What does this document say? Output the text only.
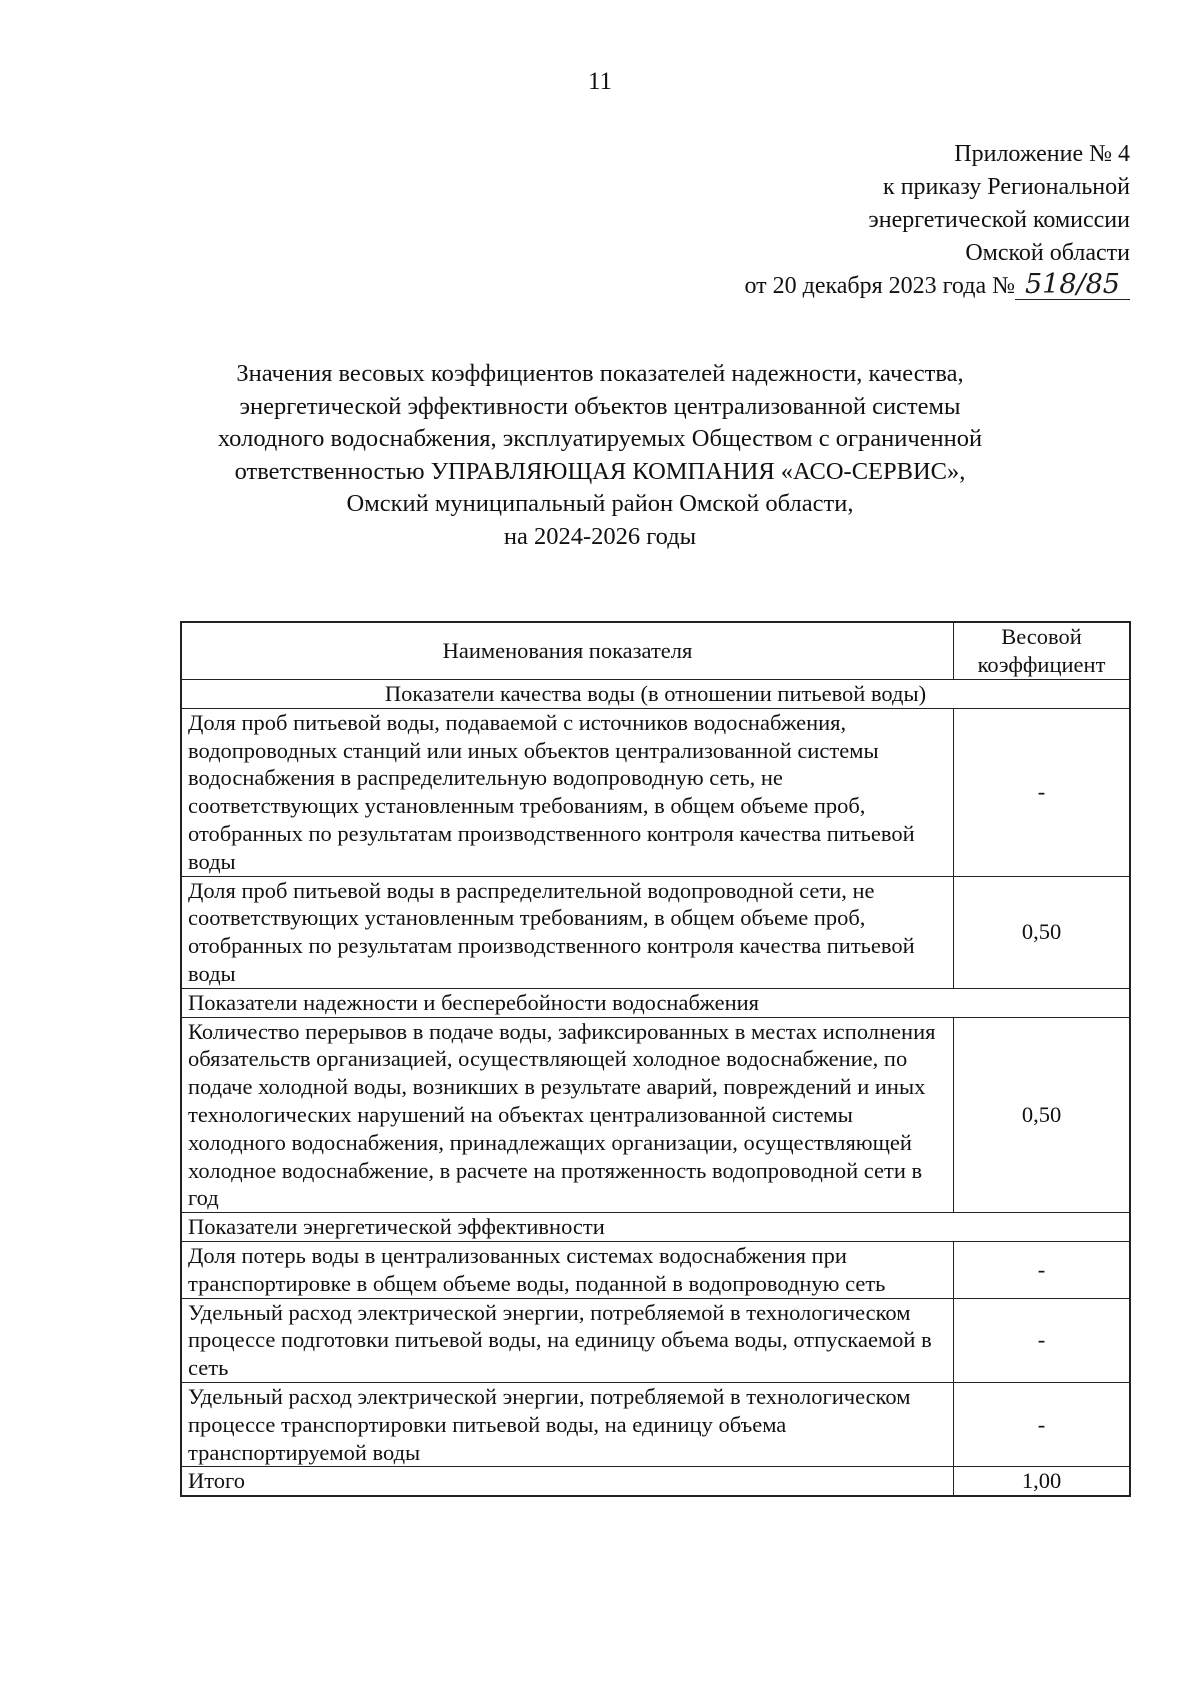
11
Приложение № 4
к приказу Региональной
энергетической комиссии
Омской области
от 20 декабря 2023 года № 518/85
Значения весовых коэффициентов показателей надежности, качества,
энергетической эффективности объектов централизованной системы
холодного водоснабжения, эксплуатируемых Обществом с ограниченной
ответственностью УПРАВЛЯЮЩАЯ КОМПАНИЯ «АСО-СЕРВИС»,
Омский муниципальный район Омской области,
на 2024-2026 годы
Наименования показателя	Весовой
коэффициент

Показатели качества воды (в отношении питьевой воды)	
Доля проб питьевой воды, подаваемой с источников водоснабжения, водопроводных станций или иных объектов централизованной системы водоснабжения в распределительную водопроводную сеть, не соответствующих установленным требованиям, в общем объеме проб, отобранных по результатам производственного контроля качества питьевой воды	-
Доля проб питьевой воды в распределительной водопроводной сети, не соответствующих установленным требованиям, в общем объеме проб, отобранных по результатам производственного контроля качества питьевой воды	0,50
Показатели надежности и бесперебойности водоснабжения	
Количество перерывов в подаче воды, зафиксированных в местах исполнения обязательств организацией, осуществляющей холодное водоснабжение, по подаче холодной воды, возникших в результате аварий, повреждений и иных технологических нарушений на объектах централизованной системы холодного водоснабжения, принадлежащих организации, осуществляющей холодное водоснабжение, в расчете на протяженность водопроводной сети в год	0,50
Показатели энергетической эффективности	
Доля потерь воды в централизованных системах водоснабжения при транспортировке в общем объеме воды, поданной в водопроводную сеть	-
Удельный расход электрической энергии, потребляемой в технологическом процессе подготовки питьевой воды, на единицу объема воды, отпускаемой в сеть	-
Удельный расход электрической энергии, потребляемой в технологическом процессе транспортировки питьевой воды, на единицу объема транспортируемой воды	-
Итого	1,00
